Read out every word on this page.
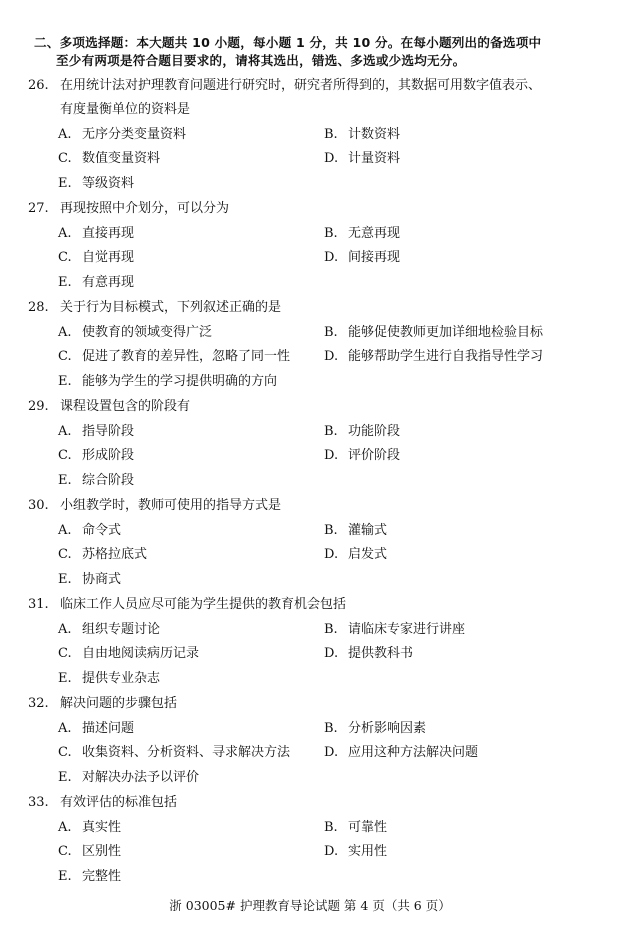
二、多项选择题：本大题共 10 小题，每小题 1 分，共 10 分。在每小题列出的备选项中
至少有两项是符合题目要求的，请将其选出，错选、多选或少选均无分。
26. 在用统计法对护理教育问题进行研究时，研究者所得到的，其数据可用数字值表示、
有度量衡单位的资料是
A. 无序分类变量资料	B. 计数资料
C. 数值变量资料	D. 计量资料
E. 等级资料
27. 再现按照中介划分，可以分为
A. 直接再现	B. 无意再现
C. 自觉再现	D. 间接再现
E. 有意再现
28. 关于行为目标模式，下列叙述正确的是
A. 使教育的领域变得广泛	B. 能够促使教师更加详细地检验目标
C. 促进了教育的差异性，忽略了同一性	D. 能够帮助学生进行自我指导性学习
E. 能够为学生的学习提供明确的方向
29. 课程设置包含的阶段有
A. 指导阶段	B. 功能阶段
C. 形成阶段	D. 评价阶段
E. 综合阶段
30. 小组教学时，教师可使用的指导方式是
A. 命令式	B. 灌输式
C. 苏格拉底式	D. 启发式
E. 协商式
31. 临床工作人员应尽可能为学生提供的教育机会包括
A. 组织专题讨论	B. 请临床专家进行讲座
C. 自由地阅读病历记录	D. 提供教科书
E. 提供专业杂志
32. 解决问题的步骤包括
A. 描述问题	B. 分析影响因素
C. 收集资料、分析资料、寻求解决方法	D. 应用这种方法解决问题
E. 对解决办法予以评价
33. 有效评估的标准包括
A. 真实性	B. 可靠性
C. 区别性	D. 实用性
E. 完整性
浙 03005# 护理教育导论试题 第 4 页（共 6 页）
